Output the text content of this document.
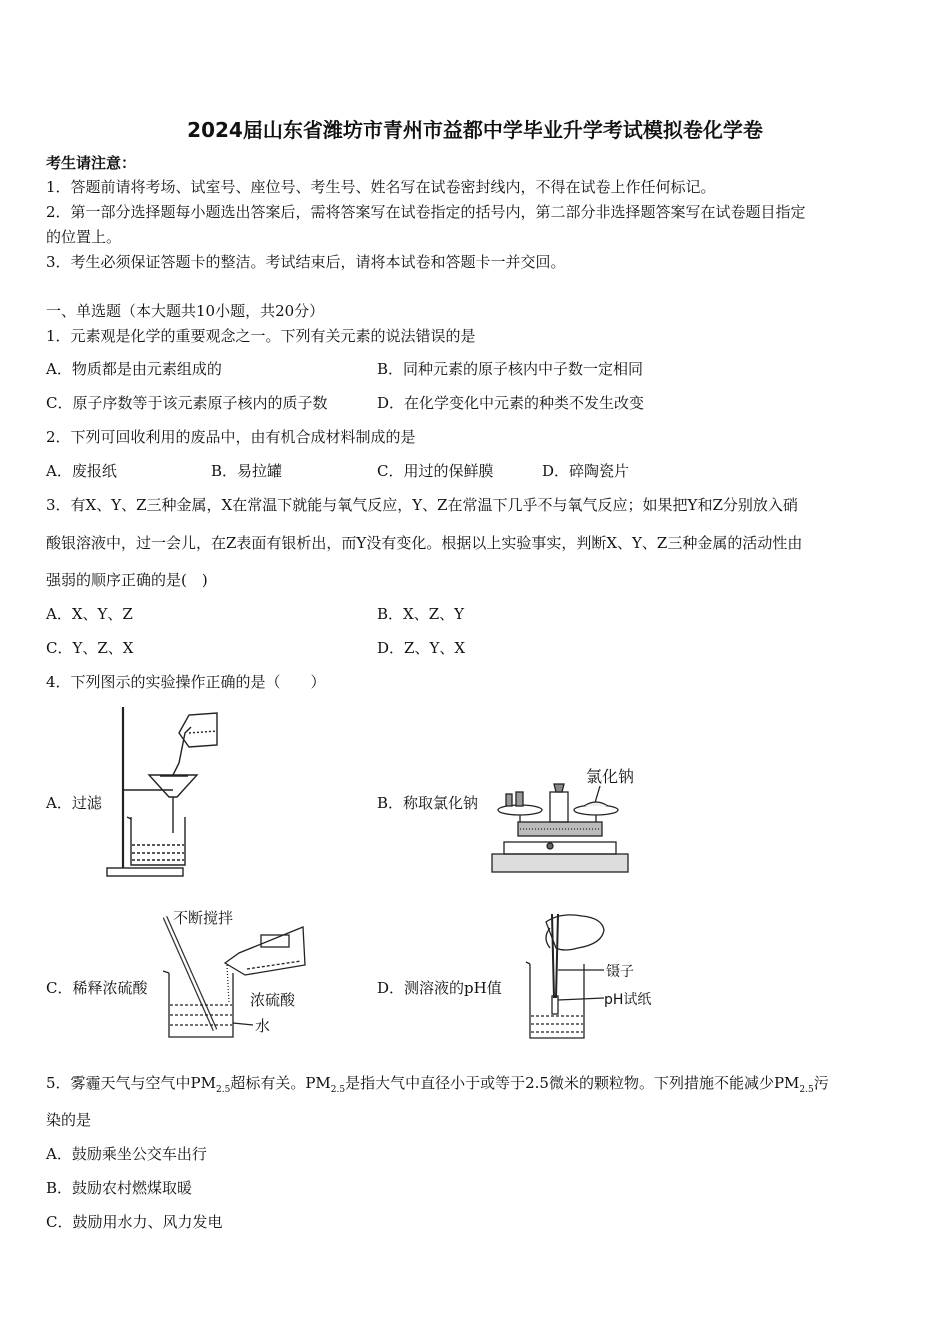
2024届山东省潍坊市青州市益都中学毕业升学考试模拟卷化学卷
考生请注意：
1．答题前请将考场、试室号、座位号、考生号、姓名写在试卷密封线内，不得在试卷上作任何标记。
2．第一部分选择题每小题选出答案后，需将答案写在试卷指定的括号内，第二部分非选择题答案写在试卷题目指定
的位置上。
3．考生必须保证答题卡的整洁。考试结束后，请将本试卷和答题卡一并交回。
一、单选题（本大题共10小题，共20分）
1．元素观是化学的重要观念之一。下列有关元素的说法错误的是
A．物质都是由元素组成的	B．同种元素的原子核内中子数一定相同
C．原子序数等于该元素原子核内的质子数	D．在化学变化中元素的种类不发生改变
2．下列可回收利用的废品中，由有机合成材料制成的是
A．废报纸	B．易拉罐	C．用过的保鲜膜	D．碎陶瓷片
3．有X、Y、Z三种金属，X在常温下就能与氧气反应，Y、Z在常温下几乎不与氧气反应；如果把Y和Z分别放入硝
酸银溶液中，过一会儿，在Z表面有银析出，而Y没有变化。根据以上实验事实，判断X、Y、Z三种金属的活动性由
强弱的顺序正确的是(　)
A．X、Y、Z	B．X、Z、Y
C．Y、Z、X	D．Z、Y、X
4．下列图示的实验操作正确的是（　　）
A．过滤	B．称取氯化钠
氯化钠
C．稀释浓硫酸
不断搅拌
浓硫酸
水
D．测溶液的pH值
镊子
pH试纸
5．雾霾天气与空气中$PM_{2.5}$超标有关。$PM_{2.5}$是指大气中直径小于或等于2.5微米的颗粒物。下列措施不能减少$PM_{2.5}$污
染的是
A．鼓励乘坐公交车出行
B．鼓励农村燃煤取暖
C．鼓励用水力、风力发电
